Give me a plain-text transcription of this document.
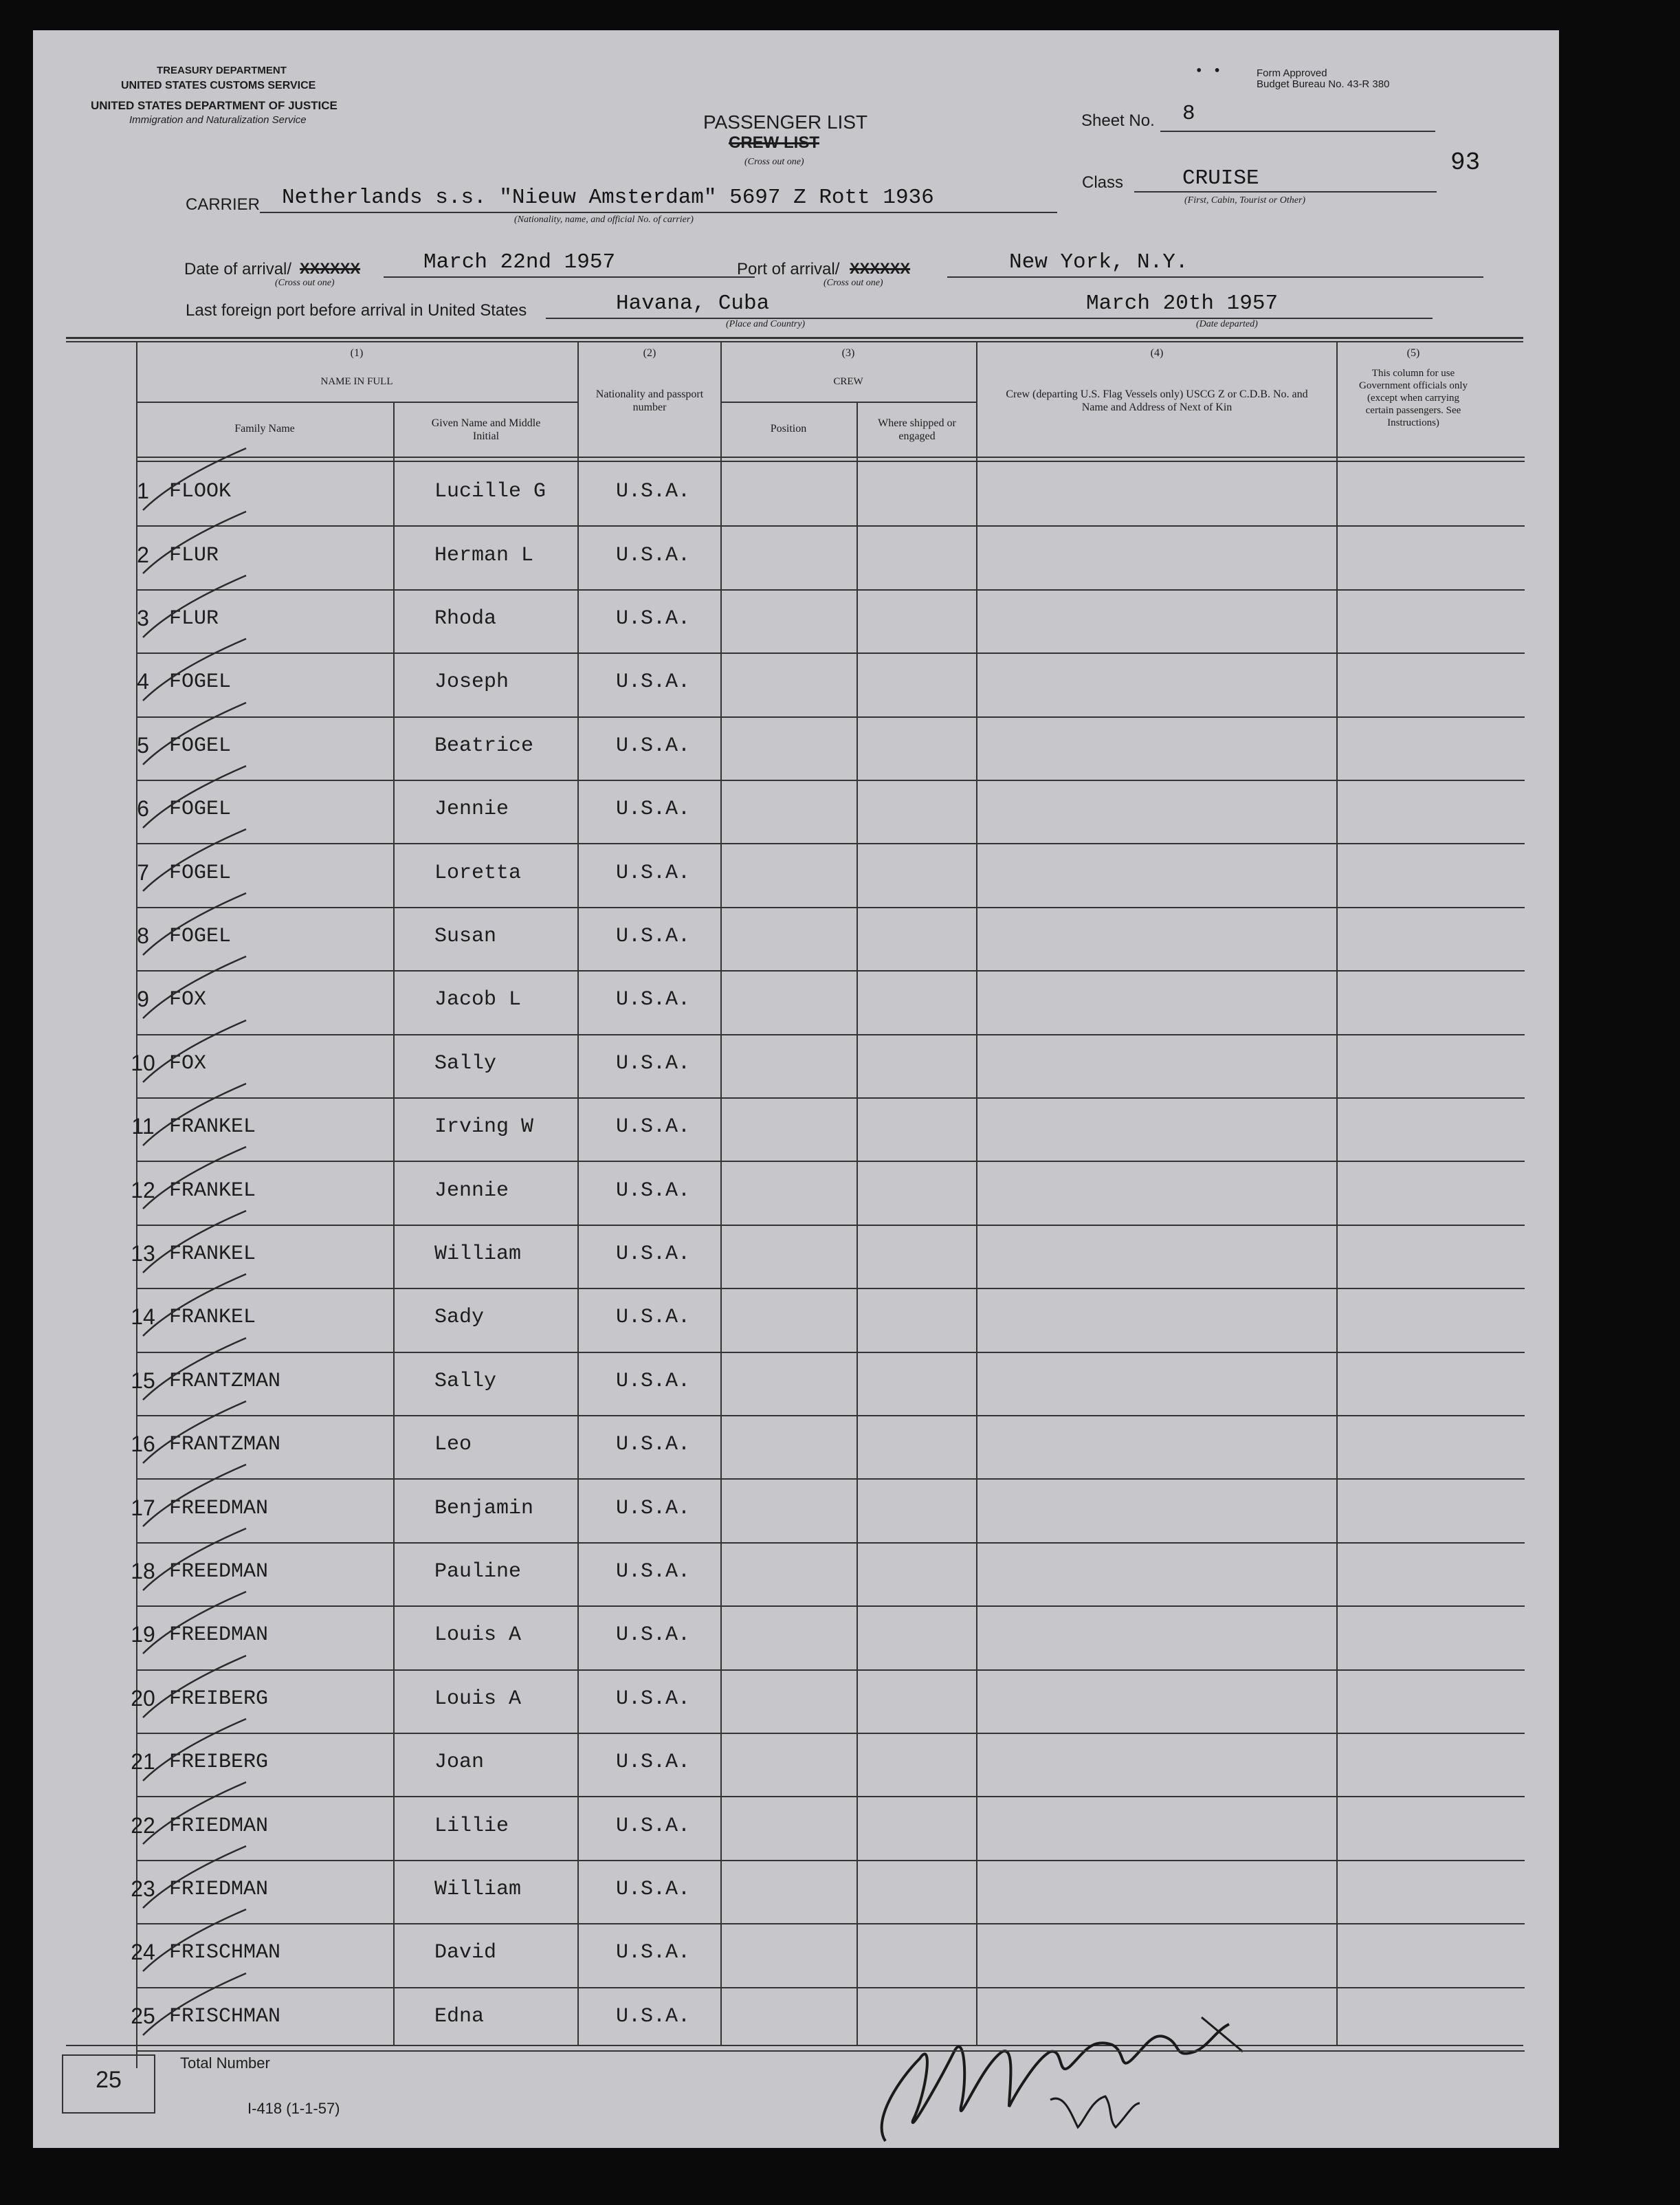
TREASURY DEPARTMENT
UNITED STATES CUSTOMS SERVICE
UNITED STATES DEPARTMENT OF JUSTICE
Immigration and Naturalization Service	PASSENGER LIST
CREW LIST
(Cross out one)
Form Approved
Budget Bureau No. 43-R 380
•   •
Sheet No. 8
93
Class	CRUISE
(First, Cabin, Tourist or Other)
CARRIER Netherlands s.s. "Nieuw Amsterdam" 5697 Z Rott 1936
(Nationality, name, and official No. of carrier)
Date of arrival/ XXXXXX	March 22nd 1957
(Cross out one)
Port of arrival/ XXXXXX	New York, N.Y.
(Cross out one)
Last foreign port before arrival in United States	Havana, Cuba
(Place and Country)
March 20th 1957
(Date departed)
(1)
NAME IN FULL
Family Name	Given Name and Middle Initial
(2)
Nationality and passport number
(3)
CREW
Position	Where shipped or engaged
(4)
Crew (departing U.S. Flag Vessels only) USCG Z or C.D.B. No. and Name and Address of Next of Kin
(5)
This column for use Government officials only (except when carrying certain passengers. See Instructions)
25
Total Number
I-418 (1-1-57)
1 FLOOK	Lucille G	U.S.A.
2 FLUR	Herman L	U.S.A.
3 FLUR	Rhoda	U.S.A.
4 FOGEL	Joseph	U.S.A.
5 FOGEL	Beatrice	U.S.A.
6 FOGEL	Jennie	U.S.A.
7 FOGEL	Loretta	U.S.A.
8 FOGEL	Susan	U.S.A.
9 FOX	Jacob L	U.S.A.
10 FOX	Sally	U.S.A.
11 FRANKEL	Irving W	U.S.A.
12 FRANKEL	Jennie	U.S.A.
13 FRANKEL	William	U.S.A.
14 FRANKEL	Sady	U.S.A.
15 FRANTZMAN	Sally	U.S.A.
16 FRANTZMAN	Leo	U.S.A.
17 FREEDMAN	Benjamin	U.S.A.
18 FREEDMAN	Pauline	U.S.A.
19 FREEDMAN	Louis A	U.S.A.
20 FREIBERG	Louis A	U.S.A.
21 FREIBERG	Joan	U.S.A.
22 FRIEDMAN	Lillie	U.S.A.
23 FRIEDMAN	William	U.S.A.
24 FRISCHMAN	David	U.S.A.
25 FRISCHMAN	Edna	U.S.A.
